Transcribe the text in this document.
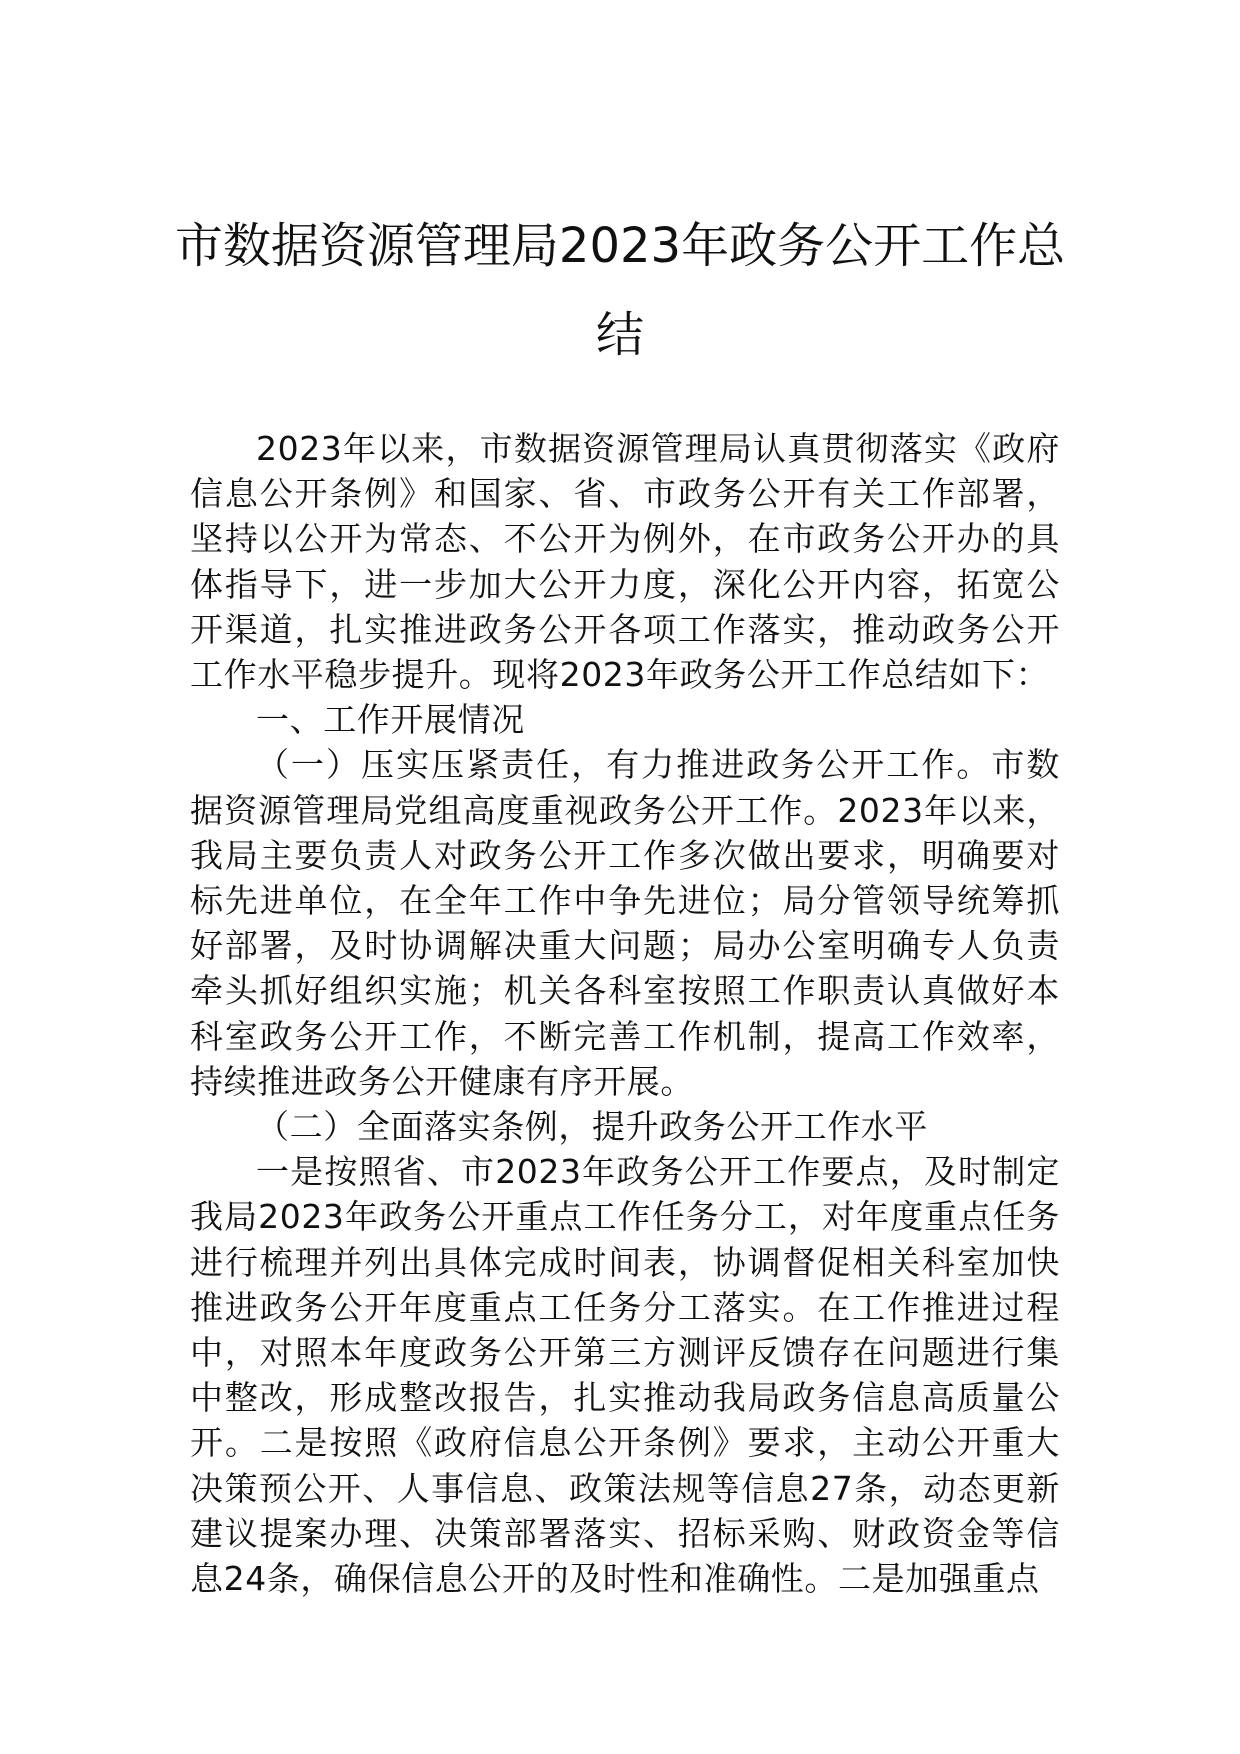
市数据资源管理局2023年政务公开工作总
结

2023年以来，市数据资源管理局认真贯彻落实《政府信息公开条例》和国家、省、市政务公开有关工作部署，坚持以公开为常态、不公开为例外，在市政务公开办的具体指导下，进一步加大公开力度，深化公开内容，拓宽公开渠道，扎实推进政务公开各项工作落实，推动政务公开工作水平稳步提升。现将2023年政务公开工作总结如下：

一、工作开展情况

（一）压实压紧责任，有力推进政务公开工作。市数据资源管理局党组高度重视政务公开工作。2023年以来，我局主要负责人对政务公开工作多次做出要求，明确要对标先进单位，在全年工作中争先进位；局分管领导统筹抓好部署，及时协调解决重大问题；局办公室明确专人负责牵头抓好组织实施；机关各科室按照工作职责认真做好本科室政务公开工作，不断完善工作机制，提高工作效率，持续推进政务公开健康有序开展。

（二）全面落实条例，提升政务公开工作水平

一是按照省、市2023年政务公开工作要点，及时制定我局2023年政务公开重点工作任务分工，对年度重点任务进行梳理并列出具体完成时间表，协调督促相关科室加快推进政务公开年度重点工任务分工落实。在工作推进过程中，对照本年度政务公开第三方测评反馈存在问题进行集中整改，形成整改报告，扎实推动我局政务信息高质量公开。二是按照《政府信息公开条例》要求，主动公开重大决策预公开、人事信息、政策法规等信息27条，动态更新建议提案办理、决策部署落实、招标采购、财政资金等信息24条，确保信息公开的及时性和准确性。二是加强重点
